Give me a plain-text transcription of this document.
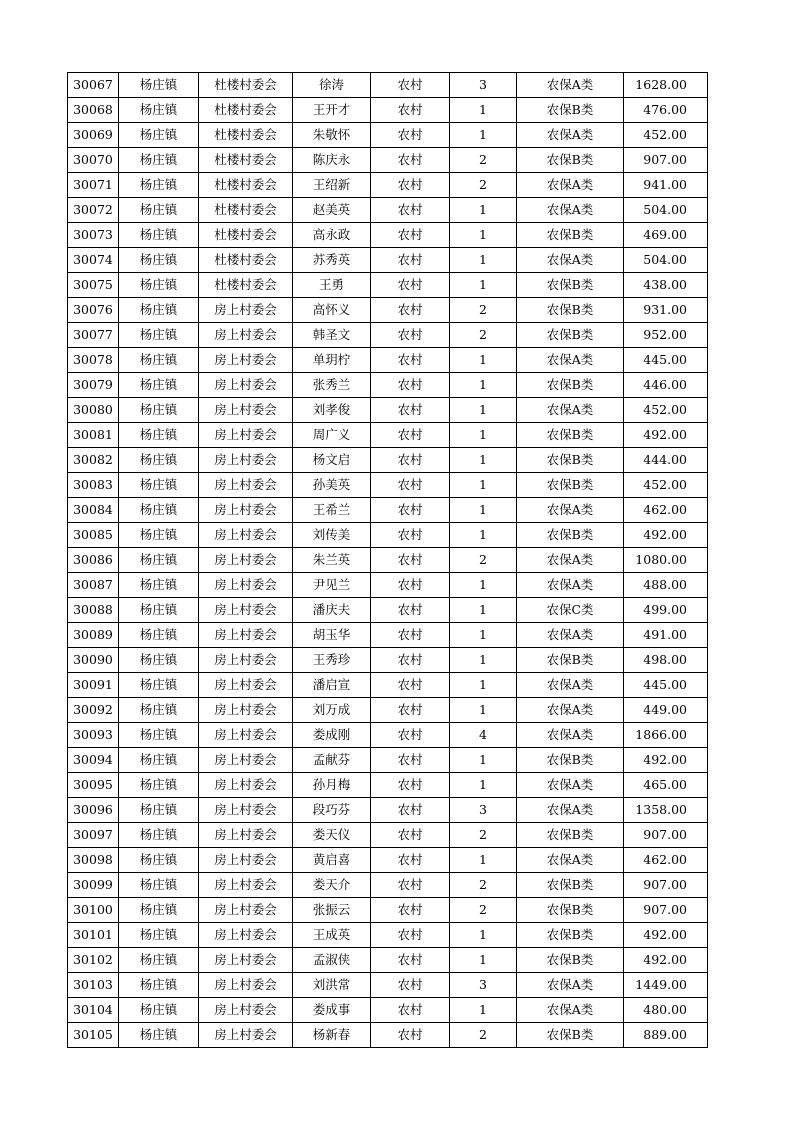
30067	杨庄镇	杜楼村委会	徐涛	农村	3	农保A类	1628.00
30068	杨庄镇	杜楼村委会	王开才	农村	1	农保B类	476.00
30069	杨庄镇	杜楼村委会	朱敬怀	农村	1	农保A类	452.00
30070	杨庄镇	杜楼村委会	陈庆永	农村	2	农保B类	907.00
30071	杨庄镇	杜楼村委会	王绍新	农村	2	农保A类	941.00
30072	杨庄镇	杜楼村委会	赵美英	农村	1	农保A类	504.00
30073	杨庄镇	杜楼村委会	高永政	农村	1	农保B类	469.00
30074	杨庄镇	杜楼村委会	苏秀英	农村	1	农保A类	504.00
30075	杨庄镇	杜楼村委会	王勇	农村	1	农保B类	438.00
30076	杨庄镇	房上村委会	高怀义	农村	2	农保B类	931.00
30077	杨庄镇	房上村委会	韩圣文	农村	2	农保B类	952.00
30078	杨庄镇	房上村委会	单玥柠	农村	1	农保A类	445.00
30079	杨庄镇	房上村委会	张秀兰	农村	1	农保B类	446.00
30080	杨庄镇	房上村委会	刘孝俊	农村	1	农保A类	452.00
30081	杨庄镇	房上村委会	周广义	农村	1	农保B类	492.00
30082	杨庄镇	房上村委会	杨文启	农村	1	农保B类	444.00
30083	杨庄镇	房上村委会	孙美英	农村	1	农保B类	452.00
30084	杨庄镇	房上村委会	王希兰	农村	1	农保A类	462.00
30085	杨庄镇	房上村委会	刘传美	农村	1	农保B类	492.00
30086	杨庄镇	房上村委会	朱兰英	农村	2	农保A类	1080.00
30087	杨庄镇	房上村委会	尹见兰	农村	1	农保A类	488.00
30088	杨庄镇	房上村委会	潘庆夫	农村	1	农保C类	499.00
30089	杨庄镇	房上村委会	胡玉华	农村	1	农保A类	491.00
30090	杨庄镇	房上村委会	王秀珍	农村	1	农保B类	498.00
30091	杨庄镇	房上村委会	潘启宣	农村	1	农保A类	445.00
30092	杨庄镇	房上村委会	刘万成	农村	1	农保A类	449.00
30093	杨庄镇	房上村委会	娄成刚	农村	4	农保A类	1866.00
30094	杨庄镇	房上村委会	孟献芬	农村	1	农保B类	492.00
30095	杨庄镇	房上村委会	孙月梅	农村	1	农保A类	465.00
30096	杨庄镇	房上村委会	段巧芬	农村	3	农保A类	1358.00
30097	杨庄镇	房上村委会	娄天仪	农村	2	农保B类	907.00
30098	杨庄镇	房上村委会	黄启喜	农村	1	农保A类	462.00
30099	杨庄镇	房上村委会	娄天介	农村	2	农保B类	907.00
30100	杨庄镇	房上村委会	张振云	农村	2	农保B类	907.00
30101	杨庄镇	房上村委会	王成英	农村	1	农保B类	492.00
30102	杨庄镇	房上村委会	孟淑侠	农村	1	农保B类	492.00
30103	杨庄镇	房上村委会	刘洪常	农村	3	农保A类	1449.00
30104	杨庄镇	房上村委会	娄成事	农村	1	农保A类	480.00
30105	杨庄镇	房上村委会	杨新春	农村	2	农保B类	889.00
